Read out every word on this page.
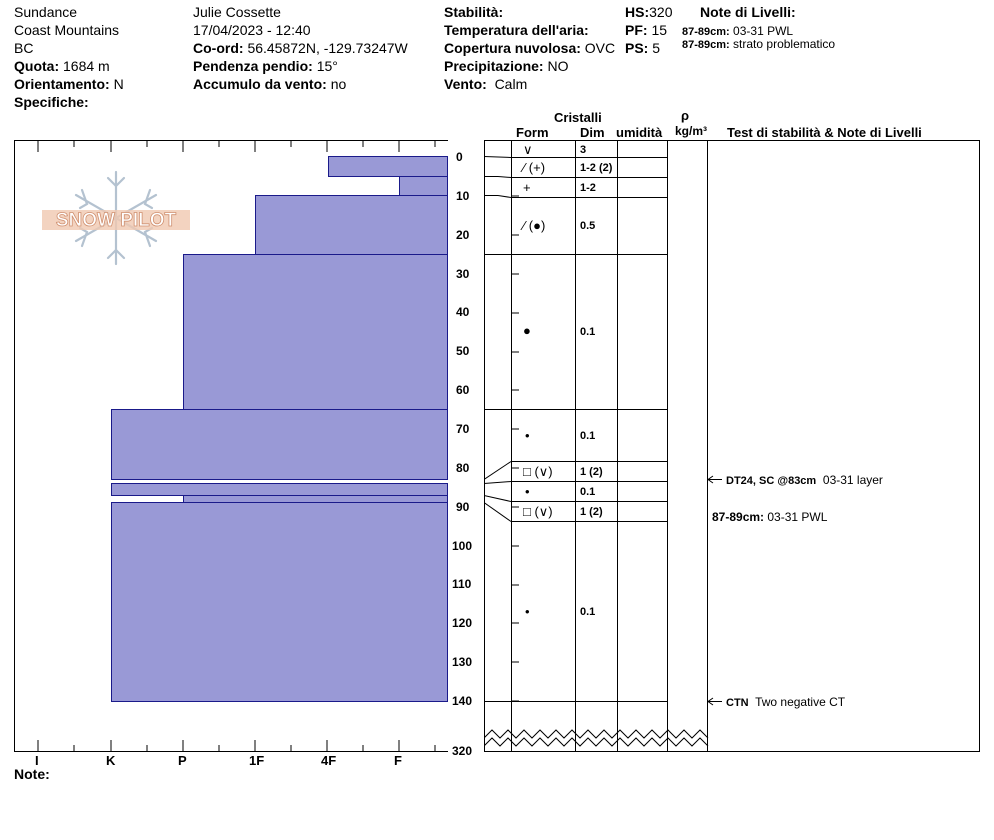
Sundance
Coast Mountains
BC
Quota: 1684 m
Orientamento: N
Specifiche:
Julie Cossette
17/04/2023 - 12:40
Co-ord: 56.45872N, -129.73247W
Pendenza pendio: 15°
Accumulo da vento: no
Stabilità:
Temperatura dell'aria:
Copertura nuvolosa: OVC
Precipitazione: NO
Vento: Calm
HS:320
PF: 15
PS: 5
Note di Livelli:
87-89cm: 03-31 PWL
87-89cm: strato problematico
Cristalli
Form Dim umidità
ρ
kg/m³ Test di stabilità & Note di Livelli
SNOW PILOT
I	K	P	1F	4F	F
Note:
0
10
20
30
40
50
60
70
80
90
100
110
120
130
140
320
∨	3
⁄ (+)	1-2 (2)
+	1-2
⁄ (●)	0.5
●	0.1
•	0.1
□ (∨) 1 (2)
•	0.1
□ (∨) 1 (2)
•	0.1
DT24, SC @83cm 03-31 layer
87-89cm: 03-31 PWL
CTN Two negative CT
